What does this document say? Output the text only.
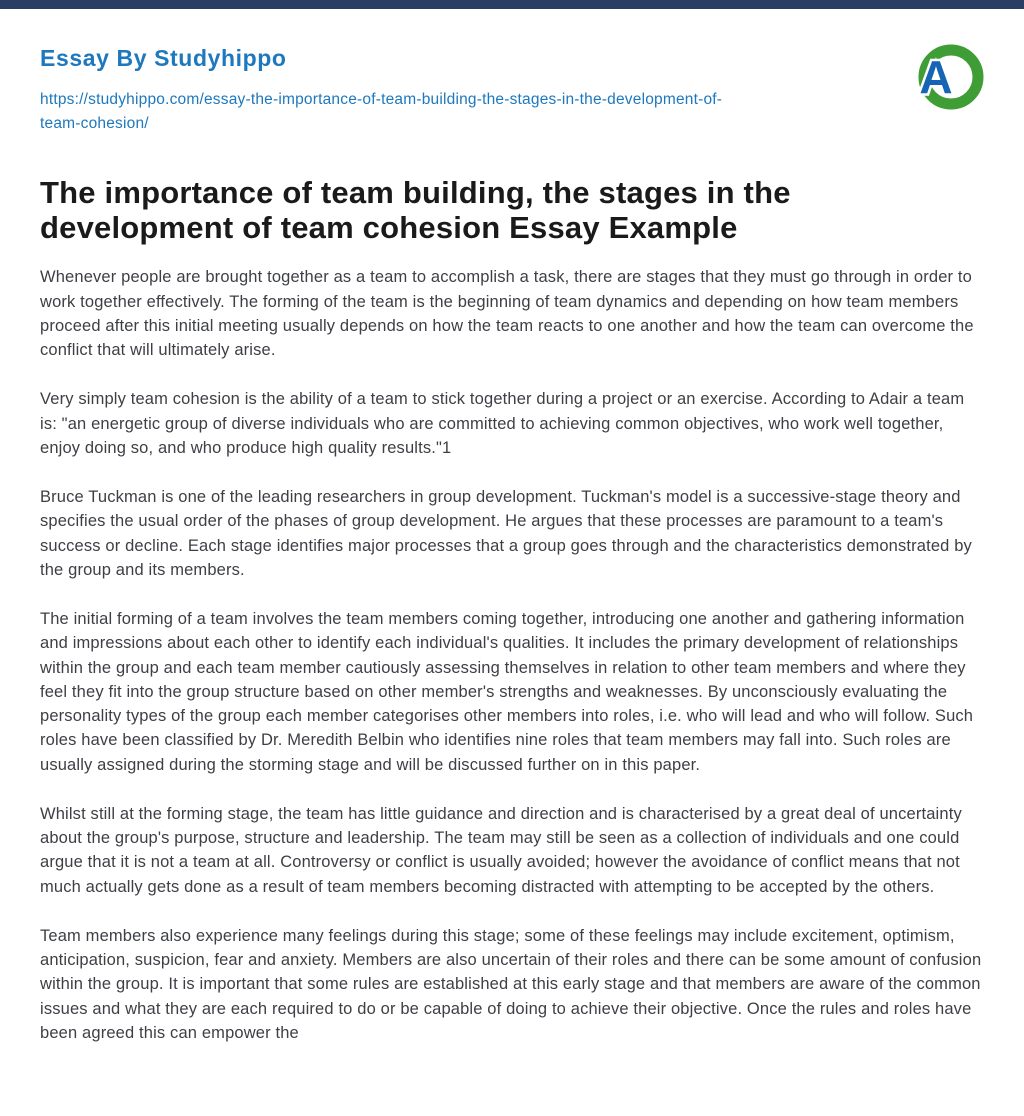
Essay By Studyhippo
https://studyhippo.com/essay-the-importance-of-team-building-the-stages-in-the-development-of-team-cohesion/
A
The importance of team building, the stages in the development of team cohesion Essay Example

Whenever people are brought together as a team to accomplish a task, there are stages that they must go through in order to work together effectively. The forming of the team is the beginning of team dynamics and depending on how team members proceed after this initial meeting usually depends on how the team reacts to one another and how the team can overcome the conflict that will ultimately arise.

Very simply team cohesion is the ability of a team to stick together during a project or an exercise. According to Adair a team is: "an energetic group of diverse individuals who are committed to achieving common objectives, who work well together, enjoy doing so, and who produce high quality results."1

Bruce Tuckman is one of the leading researchers in group development. Tuckman's model is a successive-stage theory and specifies the usual order of the phases of group development. He argues that these processes are paramount to a team's success or decline. Each stage identifies major processes that a group goes through and the characteristics demonstrated by the group and its members.

The initial forming of a team involves the team members coming together, introducing one another and gathering information and impressions about each other to identify each individual's qualities. It includes the primary development of relationships within the group and each team member cautiously assessing themselves in relation to other team members and where they feel they fit into the group structure based on other member's strengths and weaknesses. By unconsciously evaluating the personality types of the group each member categorises other members into roles, i.e. who will lead and who will follow. Such roles have been classified by Dr. Meredith Belbin who identifies nine roles that team members may fall into. Such roles are usually assigned during the storming stage and will be discussed further on in this paper.

Whilst still at the forming stage, the team has little guidance and direction and is characterised by a great deal of uncertainty about the group's purpose, structure and leadership. The team may still be seen as a collection of individuals and one could argue that it is not a team at all. Controversy or conflict is usually avoided; however the avoidance of conflict means that not much actually gets done as a result of team members becoming distracted with attempting to be accepted by the others.

Team members also experience many feelings during this stage; some of these feelings may include excitement, optimism, anticipation, suspicion, fear and anxiety. Members are also uncertain of their roles and there can be some amount of confusion within the group. It is important that some rules are established at this early stage and that members are aware of the common issues and what they are each required to do or be capable of doing to achieve their objective. Once the rules and roles have been agreed this can empower the
